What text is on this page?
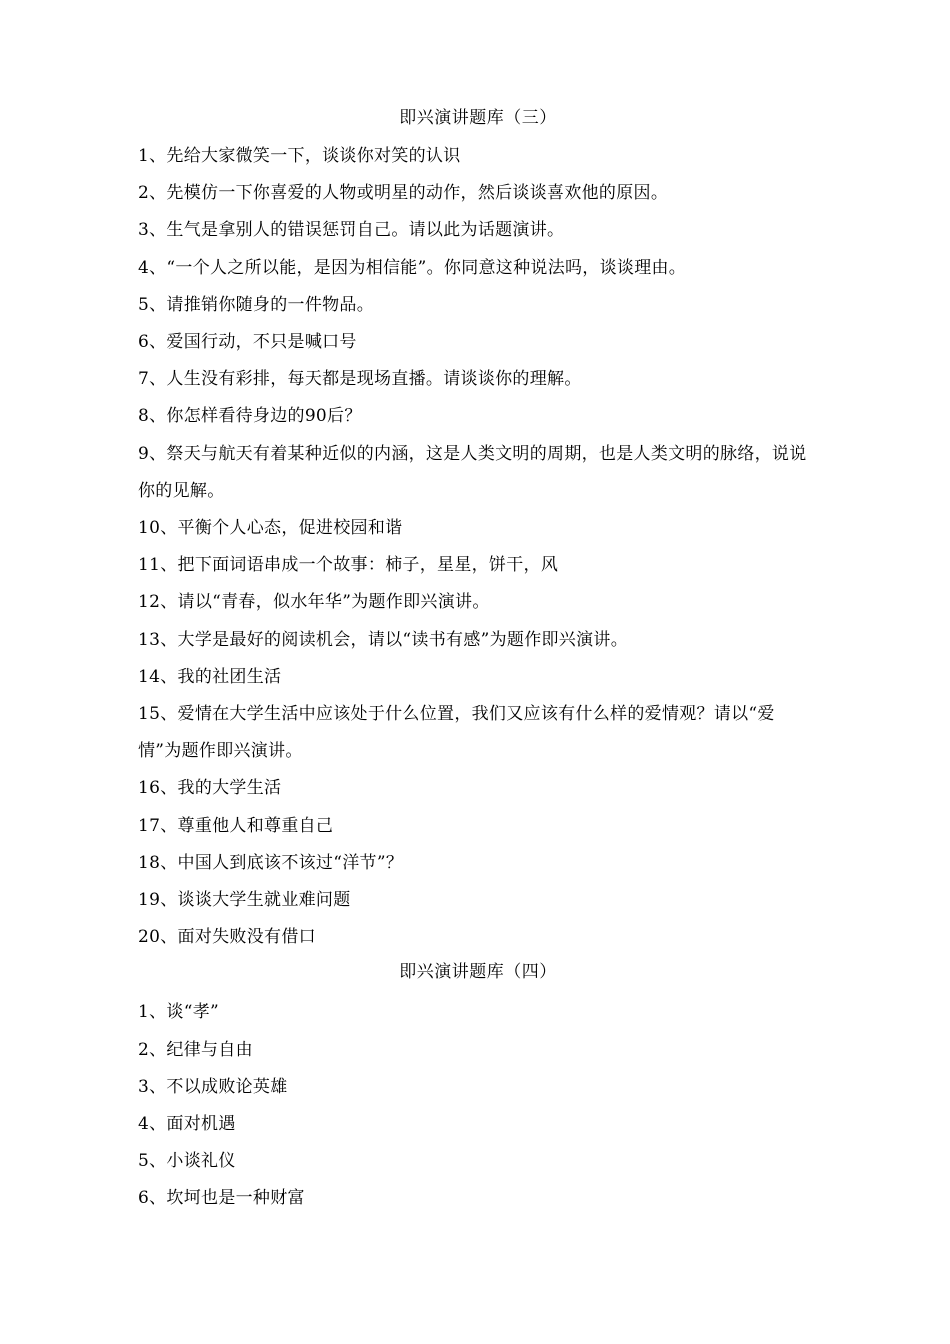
即兴演讲题库（三）
1、先给大家微笑一下，谈谈你对笑的认识
2、先模仿一下你喜爱的人物或明星的动作，然后谈谈喜欢他的原因。
3、生气是拿别人的错误惩罚自己。请以此为话题演讲。
4、“一个人之所以能，是因为相信能”。你同意这种说法吗，谈谈理由。
5、请推销你随身的一件物品。
6、爱国行动，不只是喊口号
7、人生没有彩排，每天都是现场直播。请谈谈你的理解。
8、你怎样看待身边的90后？
9、祭天与航天有着某种近似的内涵，这是人类文明的周期，也是人类文明的脉络，说说你的见解。
10、平衡个人心态，促进校园和谐
11、把下面词语串成一个故事：柿子，星星，饼干，风
12、请以“青春，似水年华”为题作即兴演讲。
13、大学是最好的阅读机会，请以“读书有感”为题作即兴演讲。
14、我的社团生活
15、爱情在大学生活中应该处于什么位置，我们又应该有什么样的爱情观？请以“爱情”为题作即兴演讲。
16、我的大学生活
17、尊重他人和尊重自己
18、中国人到底该不该过“洋节”？
19、谈谈大学生就业难问题
20、面对失败没有借口
即兴演讲题库（四）
1、谈“孝”
2、纪律与自由
3、不以成败论英雄
4、面对机遇
5、小谈礼仪
6、坎坷也是一种财富
